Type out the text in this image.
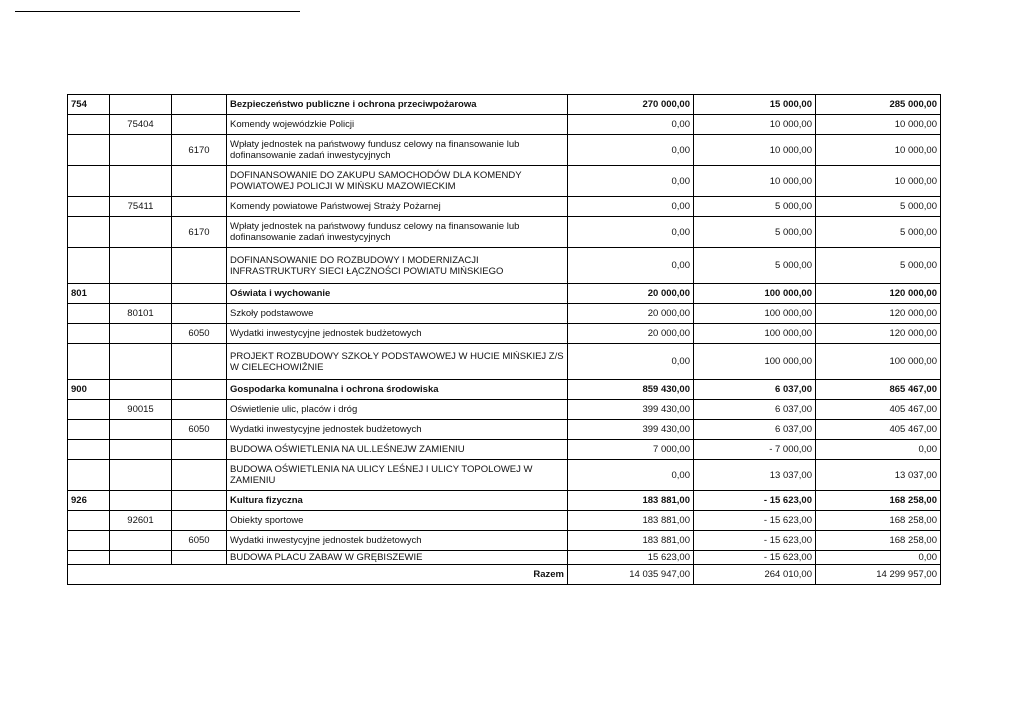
754			Bezpieczeństwo publiczne i ochrona przeciwpożarowa	270 000,00	15 000,00	285 000,00
	75404		Komendy wojewódzkie Policji	0,00	10 000,00	10 000,00
		6170	Wpłaty jednostek na państwowy fundusz celowy na finansowanie lub dofinansowanie zadań inwestycyjnych	0,00	10 000,00	10 000,00
			DOFINANSOWANIE DO ZAKUPU SAMOCHODÓW DLA KOMENDY POWIATOWEJ POLICJI W MIŃSKU MAZOWIECKIM	0,00	10 000,00	10 000,00
	75411		Komendy powiatowe Państwowej Straży Pożarnej	0,00	5 000,00	5 000,00
		6170	Wpłaty jednostek na państwowy fundusz celowy na finansowanie lub dofinansowanie zadań inwestycyjnych	0,00	5 000,00	5 000,00
			DOFINANSOWANIE DO ROZBUDOWY I MODERNIZACJI INFRASTRUKTURY SIECI ŁĄCZNOŚCI POWIATU MIŃSKIEGO	0,00	5 000,00	5 000,00
801			Oświata i wychowanie	20 000,00	100 000,00	120 000,00
	80101		Szkoły podstawowe	20 000,00	100 000,00	120 000,00
		6050	Wydatki inwestycyjne jednostek budżetowych	20 000,00	100 000,00	120 000,00
			PROJEKT ROZBUDOWY SZKOŁY PODSTAWOWEJ W HUCIE MIŃSKIEJ Z/S W CIELECHOWIŹNIE	0,00	100 000,00	100 000,00
900			Gospodarka komunalna i ochrona środowiska	859 430,00	6 037,00	865 467,00
	90015		Oświetlenie ulic, placów i dróg	399 430,00	6 037,00	405 467,00
		6050	Wydatki inwestycyjne jednostek budżetowych	399 430,00	6 037,00	405 467,00
			BUDOWA OŚWIETLENIA NA UL.LEŚNEJW ZAMIENIU	7 000,00	- 7 000,00	0,00
			BUDOWA OŚWIETLENIA NA ULICY LEŚNEJ I ULICY TOPOLOWEJ W ZAMIENIU	0,00	13 037,00	13 037,00
926			Kultura fizyczna	183 881,00	- 15 623,00	168 258,00
	92601		Obiekty sportowe	183 881,00	- 15 623,00	168 258,00
		6050	Wydatki inwestycyjne jednostek budżetowych	183 881,00	- 15 623,00	168 258,00
			BUDOWA PLACU ZABAW W GRĘBISZEWIE	15 623,00	- 15 623,00	0,00
Razem				14 035 947,00	264 010,00	14 299 957,00
